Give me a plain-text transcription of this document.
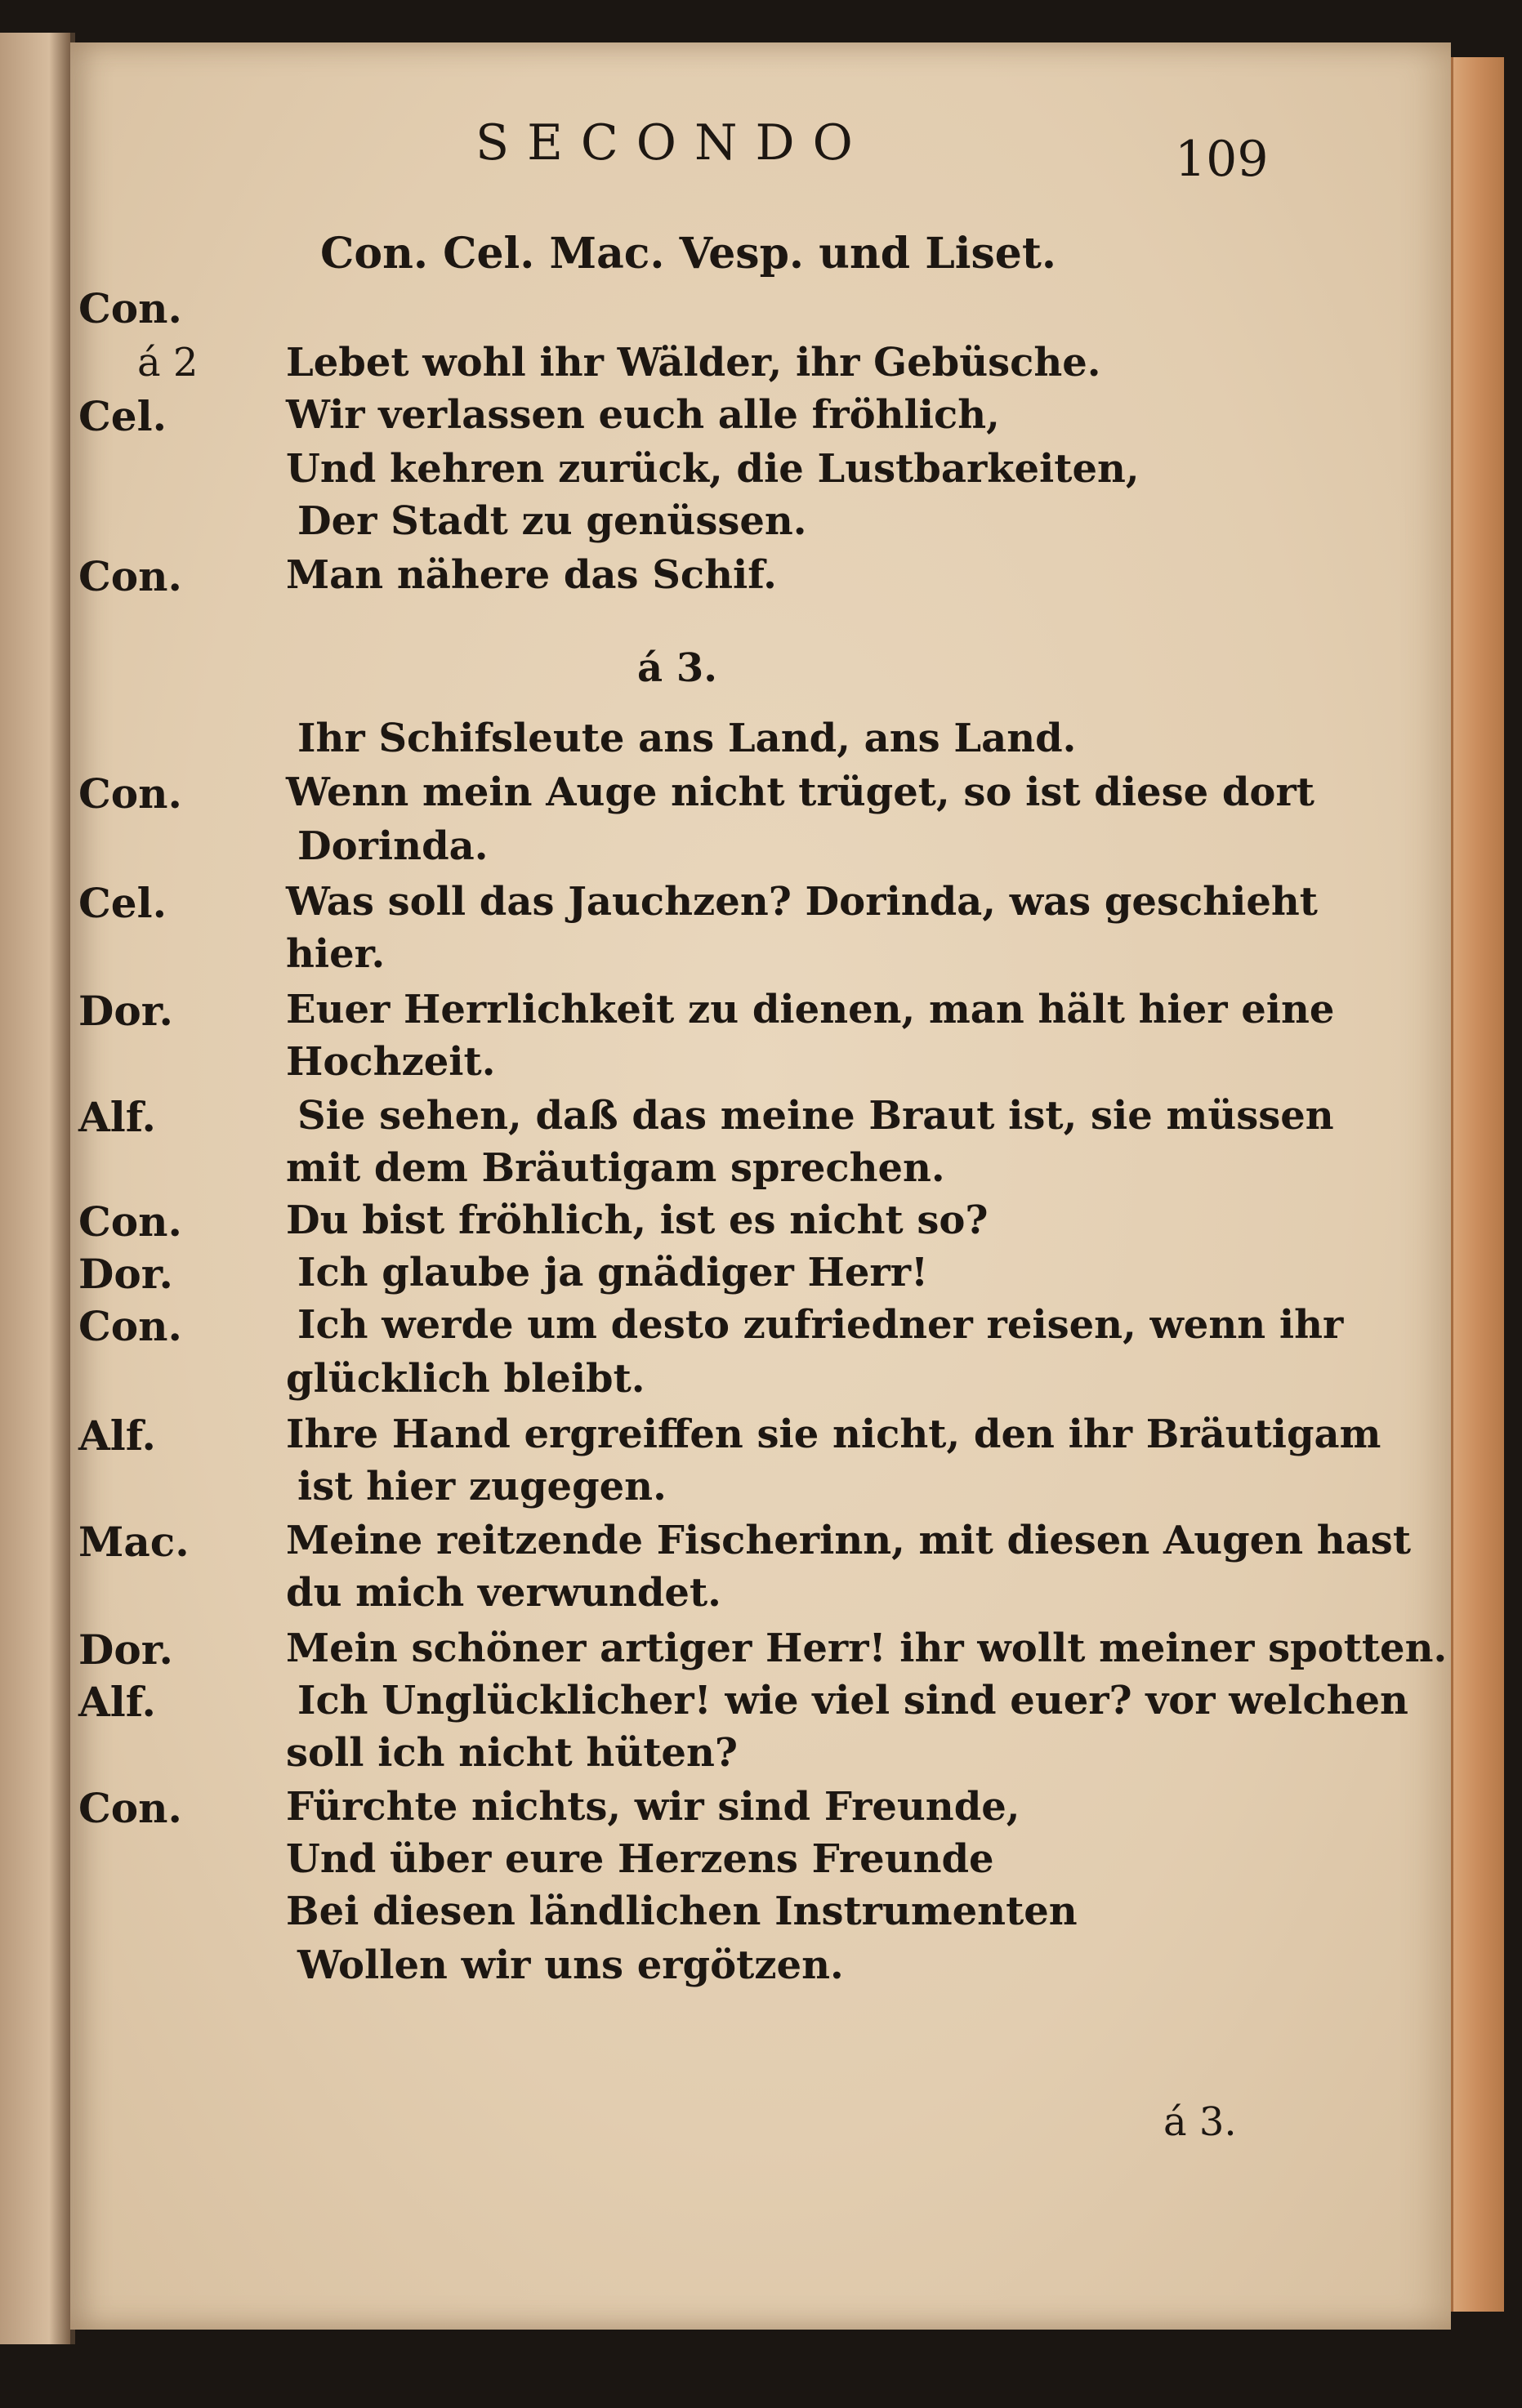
SECONDO	109
Con. Cel. Mac. Vesp. und Liset.
Con.
á 2
Cel.
Con.
Con.
Cel.
Dor.
Alf.
Con.
Dor.
Con.
Alf.
Mac.
Dor.
Alf.
Con.
Lebet wohl ihr Wälder, ihr Gebüsche.
Wir verlassen euch alle fröhlich,
Und kehren zurück, die Lustbarkeiten,
Der Stadt zu genüssen.
Man nähere das Schif.
á 3.
Ihr Schifsleute ans Land, ans Land.
Wenn mein Auge nicht trüget, so ist diese dort
Dorinda.
Was soll das Jauchzen? Dorinda, was geschieht
hier.
Euer Herrlichkeit zu dienen, man hält hier eine
Hochzeit.
Sie sehen, daß das meine Braut ist, sie müssen
mit dem Bräutigam sprechen.
Du bist fröhlich, ist es nicht so?
Ich glaube ja gnädiger Herr!
Ich werde um desto zufriedner reisen, wenn ihr
glücklich bleibt.
Ihre Hand ergreiffen sie nicht, den ihr Bräutigam
ist hier zugegen.
Meine reitzende Fischerinn, mit diesen Augen hast
du mich verwundet.
Mein schöner artiger Herr! ihr wollt meiner spotten.
Ich Unglücklicher! wie viel sind euer? vor welchen
soll ich nicht hüten?
Fürchte nichts, wir sind Freunde,
Und über eure Herzens Freunde
Bei diesen ländlichen Instrumenten
Wollen wir uns ergötzen.
á 3.
